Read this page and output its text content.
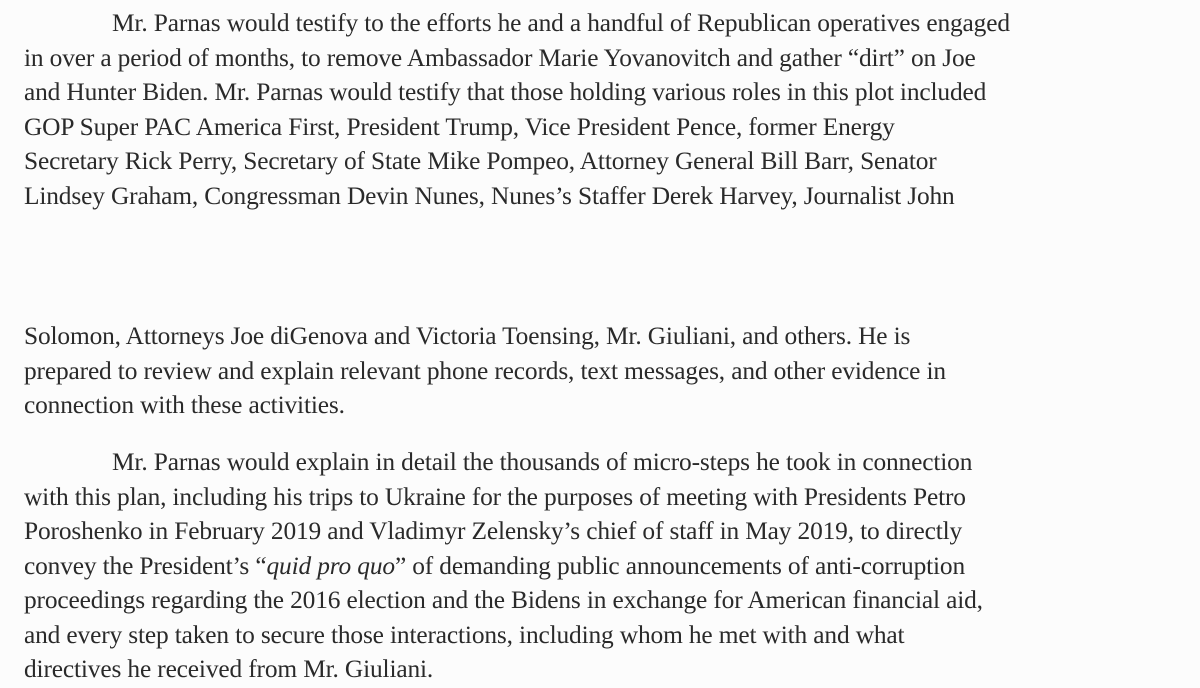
Mr. Parnas would testify to the efforts he and a handful of Republican operatives engaged
in over a period of months, to remove Ambassador Marie Yovanovitch and gather “dirt” on Joe
and Hunter Biden. Mr. Parnas would testify that those holding various roles in this plot included
GOP Super PAC America First, President Trump, Vice President Pence, former Energy
Secretary Rick Perry, Secretary of State Mike Pompeo, Attorney General Bill Barr, Senator
Lindsey Graham, Congressman Devin Nunes, Nunes’s Staffer Derek Harvey, Journalist John
Solomon, Attorneys Joe diGenova and Victoria Toensing, Mr. Giuliani, and others. He is
prepared to review and explain relevant phone records, text messages, and other evidence in
connection with these activities.
Mr. Parnas would explain in detail the thousands of micro-steps he took in connection
with this plan, including his trips to Ukraine for the purposes of meeting with Presidents Petro
Poroshenko in February 2019 and Vladimyr Zelensky’s chief of staff in May 2019, to directly
convey the President’s “quid pro quo” of demanding public announcements of anti-corruption
proceedings regarding the 2016 election and the Bidens in exchange for American financial aid,
and every step taken to secure those interactions, including whom he met with and what
directives he received from Mr. Giuliani.
